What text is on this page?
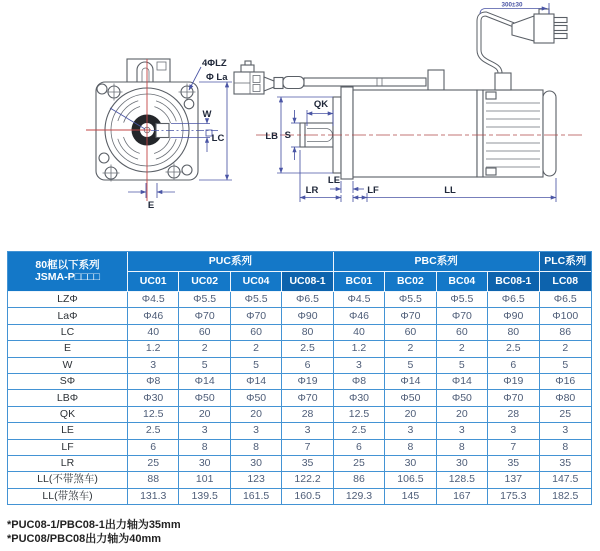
LC
W
E
4ΦLZ
Φ La
300±30
QK
LB S
LE
LR	LF	LL
80框以下系列
JSMA-P□□□□	PUC系列				PBC系列				PLC系列
	UC01	UC02	UC04	UC08-1	BC01	BC02	BC04	BC08-1	LC08
LZΦ	Φ4.5	Φ5.5	Φ5.5	Φ6.5	Φ4.5	Φ5.5	Φ5.5	Φ6.5	Φ6.5
LaΦ	Φ46	Φ70	Φ70	Φ90	Φ46	Φ70	Φ70	Φ90	Φ100
LC	40	60	60	80	40	60	60	80	86
E	1.2	2	2	2.5	1.2	2	2	2.5	2
W	3	5	5	6	3	5	5	6	5
SΦ	Φ8	Φ14	Φ14	Φ19	Φ8	Φ14	Φ14	Φ19	Φ16
LBΦ	Φ30	Φ50	Φ50	Φ70	Φ30	Φ50	Φ50	Φ70	Φ80
QK	12.5	20	20	28	12.5	20	20	28	25
LE	2.5	3	3	3	2.5	3	3	3	3
LF	6	8	8	7	6	8	8	7	8
LR	25	30	30	35	25	30	30	35	35
LL(不带煞车)	88	101	123	122.2	86	106.5	128.5	137	147.5
LL(带煞车)	131.3	139.5	161.5	160.5	129.3	145	167	175.3	182.5
*PUC08-1/PBC08-1出力轴为35mm
*PUC08/PBC08出力轴为40mm
